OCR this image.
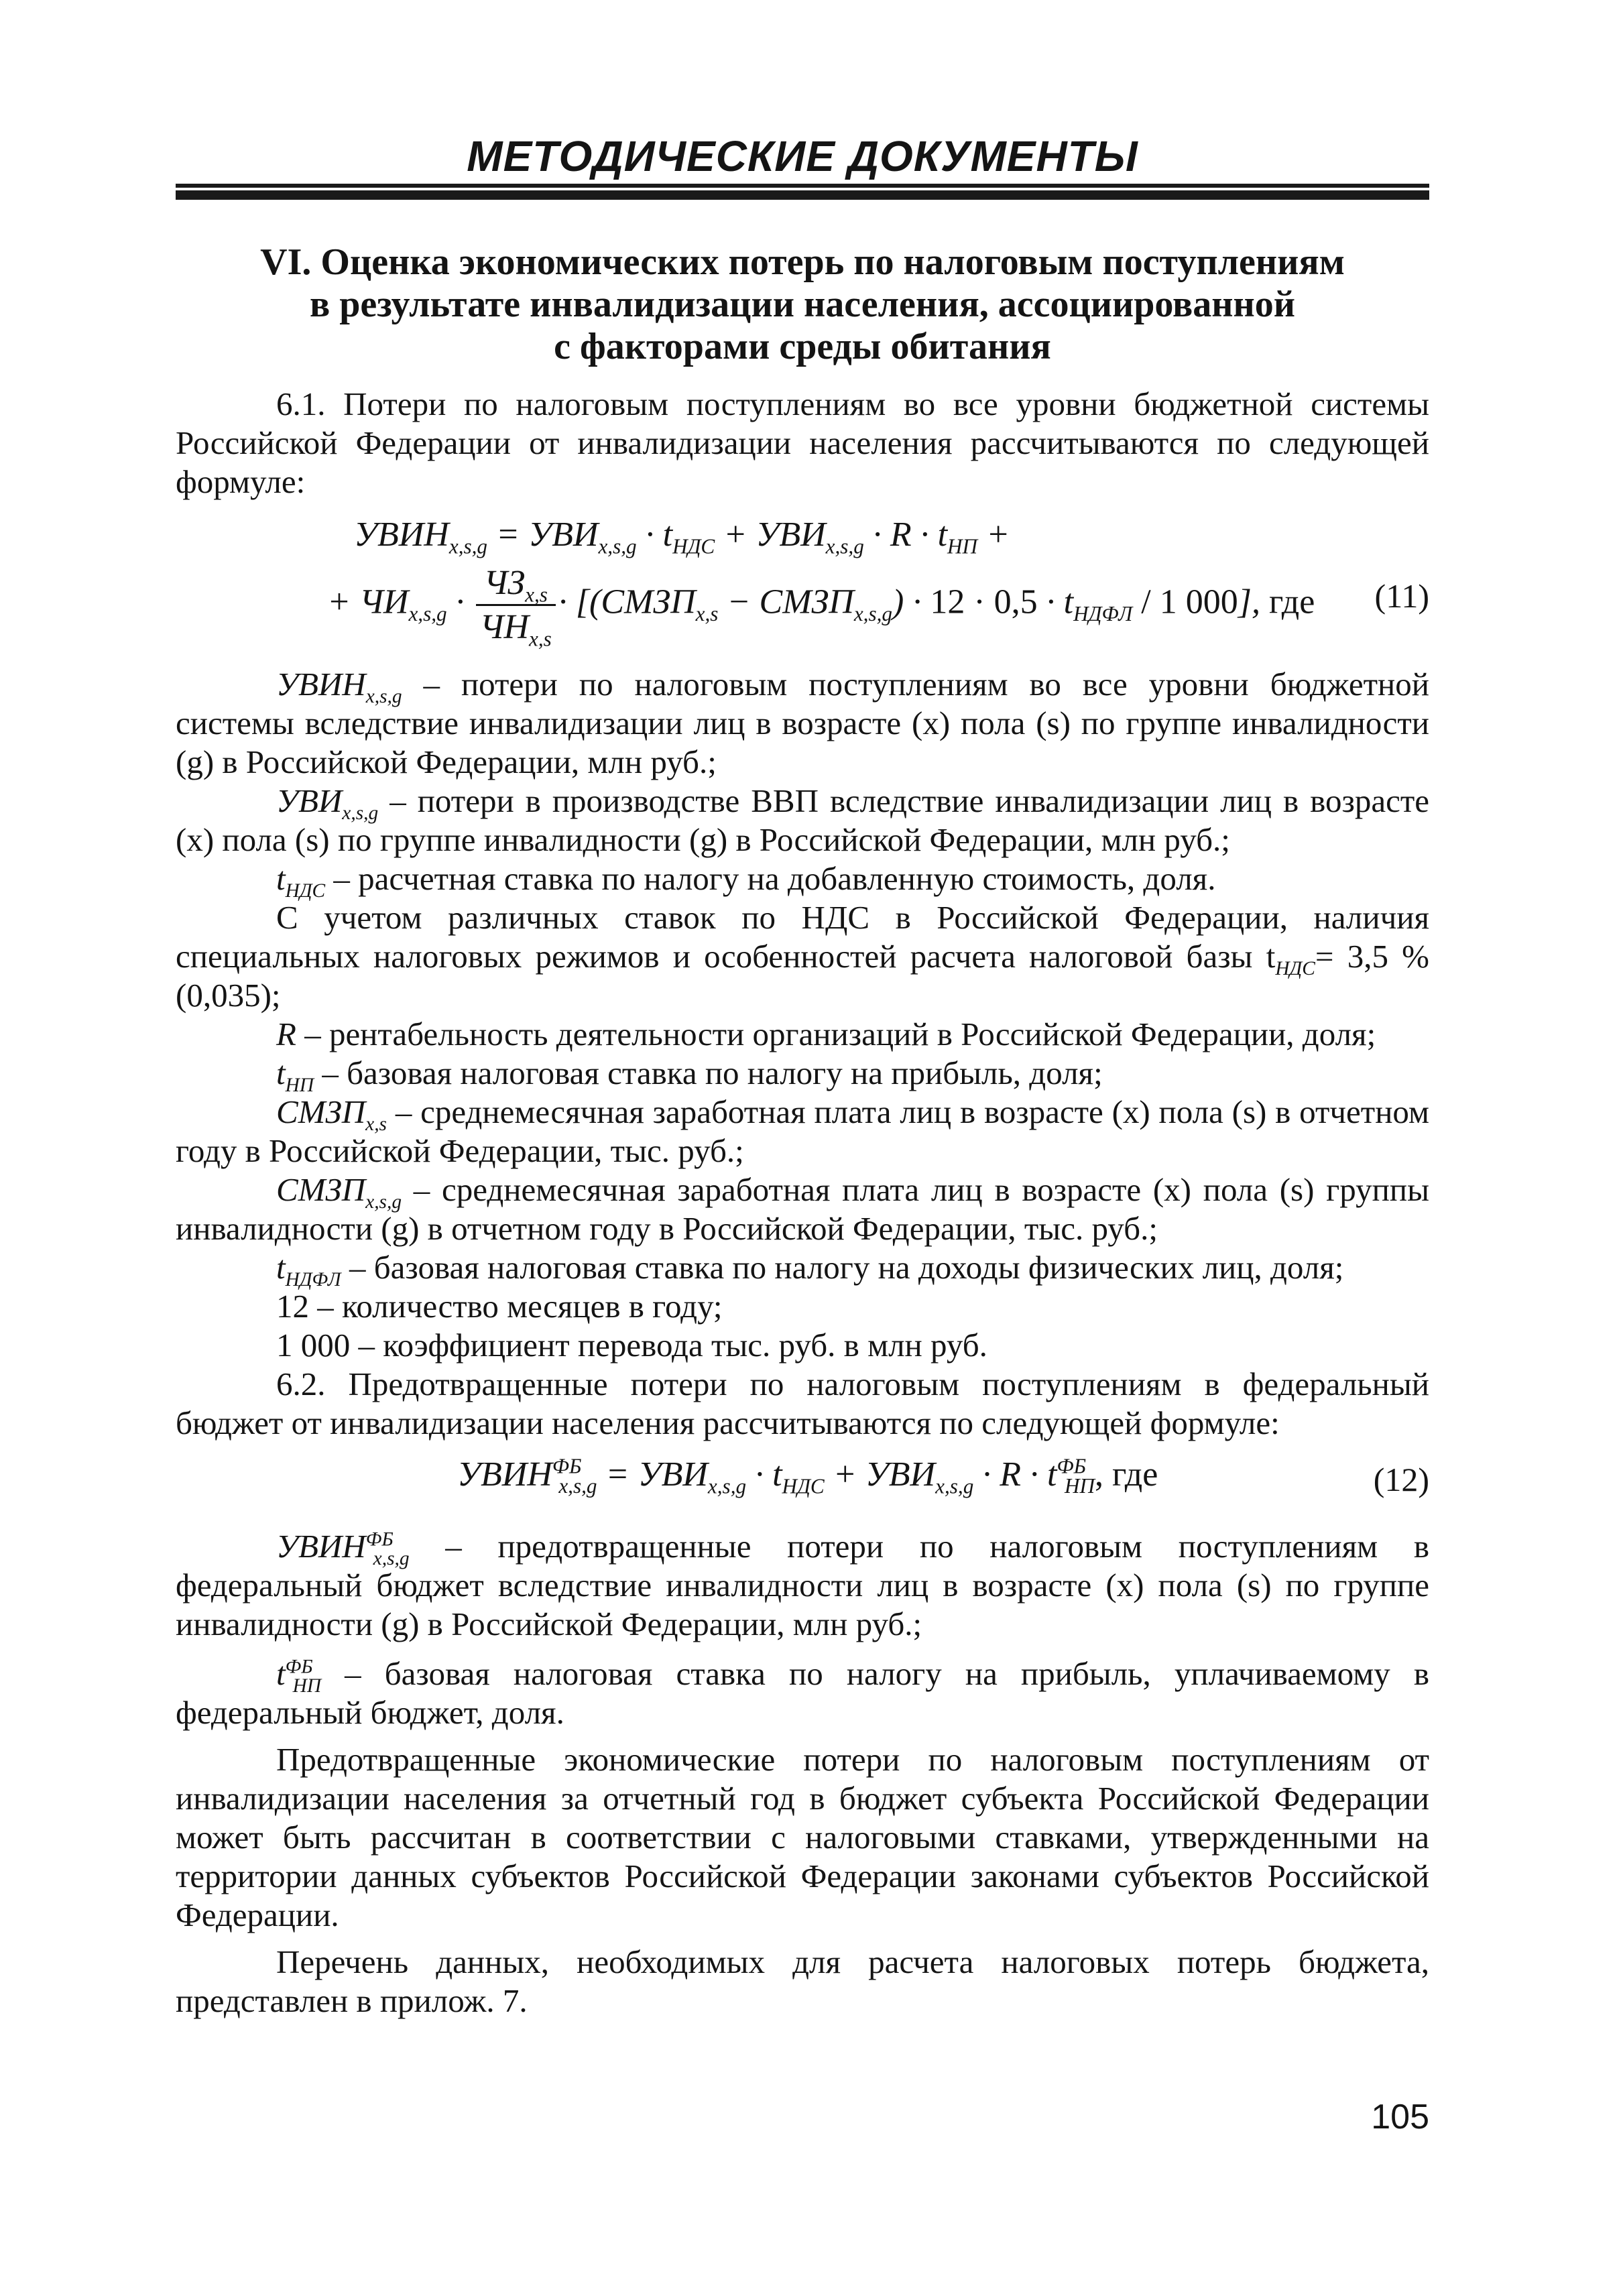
МЕТОДИЧЕСКИЕ ДОКУМЕНТЫ
VI. Оценка экономических потерь по налоговым поступлениям
в результате инвалидизации населения, ассоциированной
с факторами среды обитания

6.1. Потери по налоговым поступлениям во все уровни бюджетной системы Российской Федерации от инвалидизации населения рассчитываются по следующей формуле:

$УВИН_{x,s,g} = УВИ_{x,s,g} \cdot t_{НДС} + УВИ_{x,s,g} \cdot R \cdot t_{НП}$ +
+ $ЧИ_{x,s,g} \cdot \frac{ЧЗ_{x,s}}{ЧН_{x,s}}$ · [($СМЗП_{x,s}$ − $СМЗП_{x,s,g}) \cdot 12 \cdot 0,5 \cdot t_{НДФЛ} / 1$ 000], где (11)

$УВИН_{x,s,g}$ – потери по налоговым поступлениям во все уровни бюджетной системы вследствие инвалидизации лиц в возрасте (x) пола (s) по группе инвалидности (g) в Российской Федерации, млн руб.;

$УВИ_{x,s,g}$ – потери в производстве ВВП вследствие инвалидизации лиц в возрасте (x) пола (s) по группе инвалидности (g) в Российской Федерации, млн руб.;

$t_{НДС}$ – расчетная ставка по налогу на добавленную стоимость, доля.

С учетом различных ставок по НДС в Российской Федерации, наличия специальных налоговых режимов и особенностей расчета налоговой базы $t_{НДС}= 3,5$ % (0,035);

R – рентабельность деятельности организаций в Российской Федерации, доля;

$t_{НП}$ – базовая налоговая ставка по налогу на прибыль, доля;

$СМЗП_{x,s}$ – среднемесячная заработная плата лиц в возрасте (x) пола (s) в отчетном году в Российской Федерации, тыс. руб.;

$СМЗП_{x,s,g}$ – среднемесячная заработная плата лиц в возрасте (x) пола (s) группы инвалидности (g) в отчетном году в Российской Федерации, тыс. руб.;

$t_{НДФЛ}$ – базовая налоговая ставка по налогу на доходы физических лиц, доля;

12 – количество месяцев в году;

1 000 – коэффициент перевода тыс. руб. в млн руб.

6.2. Предотвращенные потери по налоговым поступлениям в федеральный бюджет от инвалидизации населения рассчитываются по следующей формуле:

$УВИН^{ФБ}_{x,s,g} = УВИ_{x,s,g} \cdot t_{НДС} + УВИ_{x,s,g} \cdot R \cdot t^{ФБ}_{НП}$, где	(12)

$УВИН^{ФБ}_{x,s,g}$ – предотвращенные потери по налоговым поступлениям в федеральный бюджет вследствие инвалидности лиц в возрасте (x) пола (s) по группе инвалидности (g) в Российской Федерации, млн руб.;

$t^{ФБ}_{НП}$ – базовая налоговая ставка по налогу на прибыль, уплачиваемому в федеральный бюджет, доля.

Предотвращенные экономические потери по налоговым поступлениям от инвалидизации населения за отчетный год в бюджет субъекта Российской Федерации может быть рассчитан в соответствии с налоговыми ставками, утвержденными на территории данных субъектов Российской Федерации законами субъектов Российской Федерации.

Перечень данных, необходимых для расчета налоговых потерь бюджета, представлен в прилож. 7.

105
